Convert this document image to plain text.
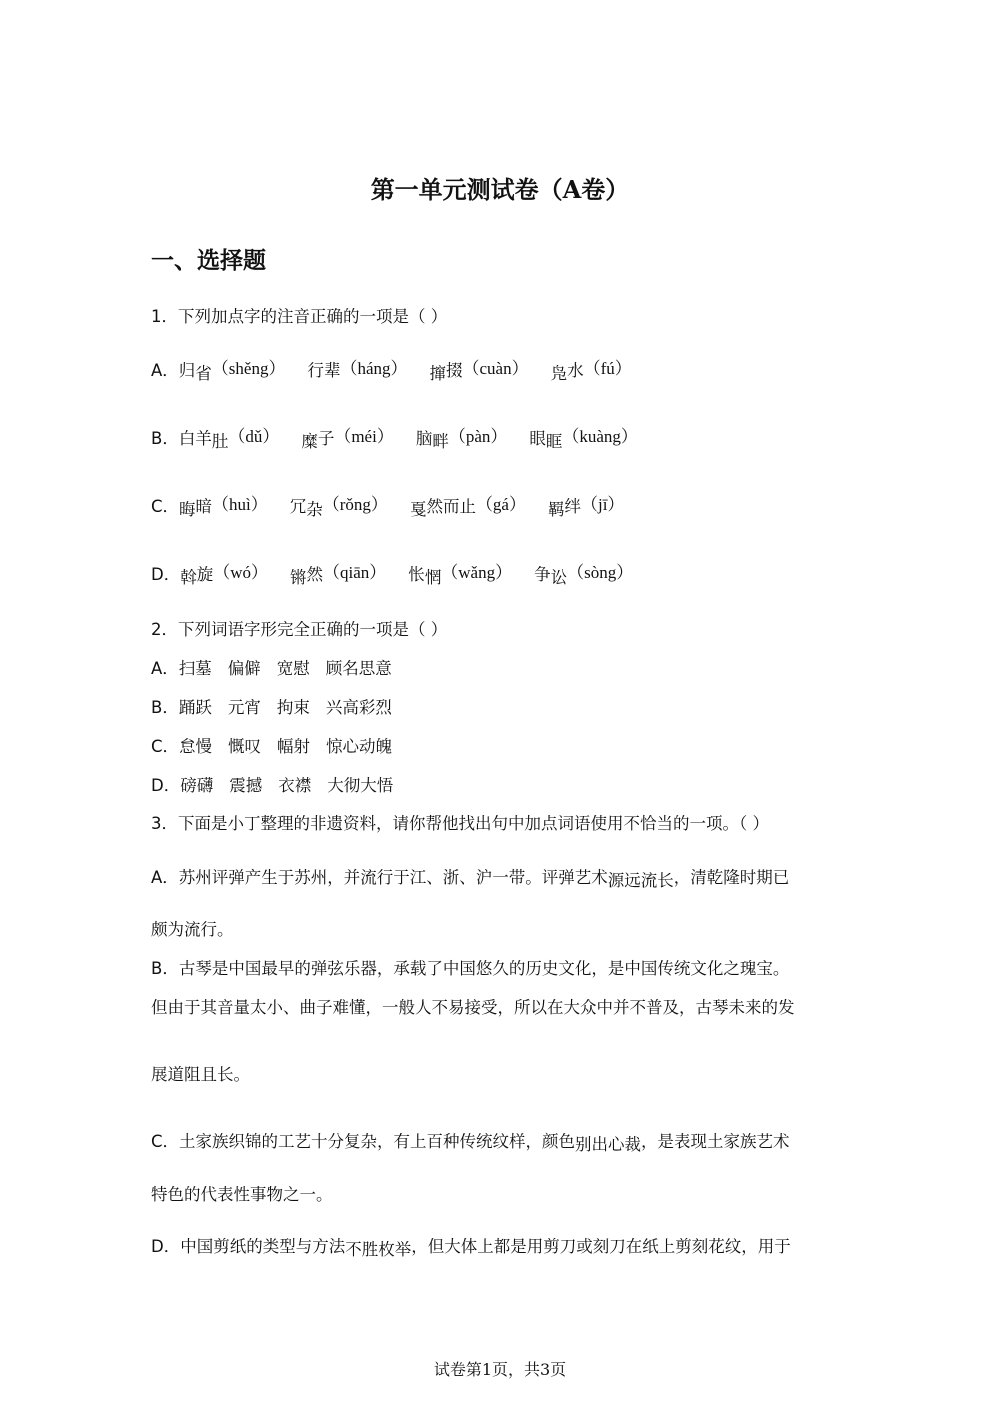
第一单元测试卷（A卷）
一、选择题
1．下列加点字的注音正确的一项是（ ）
A．归省（shěng） 行辈（háng） 撺掇（cuàn） 凫水（fú）
B．白羊肚（dǔ） 糜子（méi） 脑畔（pàn） 眼眶（kuàng）
C．晦暗（huì） 冗杂（rǒng） 戛然而止（gá） 羁绊（jī）
D．斡旋（wó） 锵然（qiān） 怅惘（wǎng） 争讼（sòng）
2．下列词语字形完全正确的一项是（ ）
A．扫墓 偏僻 宽慰 顾名思意
B．踊跃 元宵 拘束 兴高彩烈
C．怠慢 慨叹 幅射 惊心动魄
D．磅礴 震撼 衣襟 大彻大悟
3．下面是小丁整理的非遗资料，请你帮他找出句中加点词语使用不恰当的一项。（ ）
A．苏州评弹产生于苏州，并流行于江、浙、沪一带。评弹艺术源远流长，清乾隆时期已
颇为流行。
B．古琴是中国最早的弹弦乐器，承载了中国悠久的历史文化，是中国传统文化之瑰宝。
但由于其音量太小、曲子难懂，一般人不易接受，所以在大众中并不普及，古琴未来的发
展道阻且长。
C．土家族织锦的工艺十分复杂，有上百种传统纹样，颜色别出心裁，是表现土家族艺术
特色的代表性事物之一。
D．中国剪纸的类型与方法不胜枚举，但大体上都是用剪刀或刻刀在纸上剪刻花纹，用于
试卷第1页，共3页
